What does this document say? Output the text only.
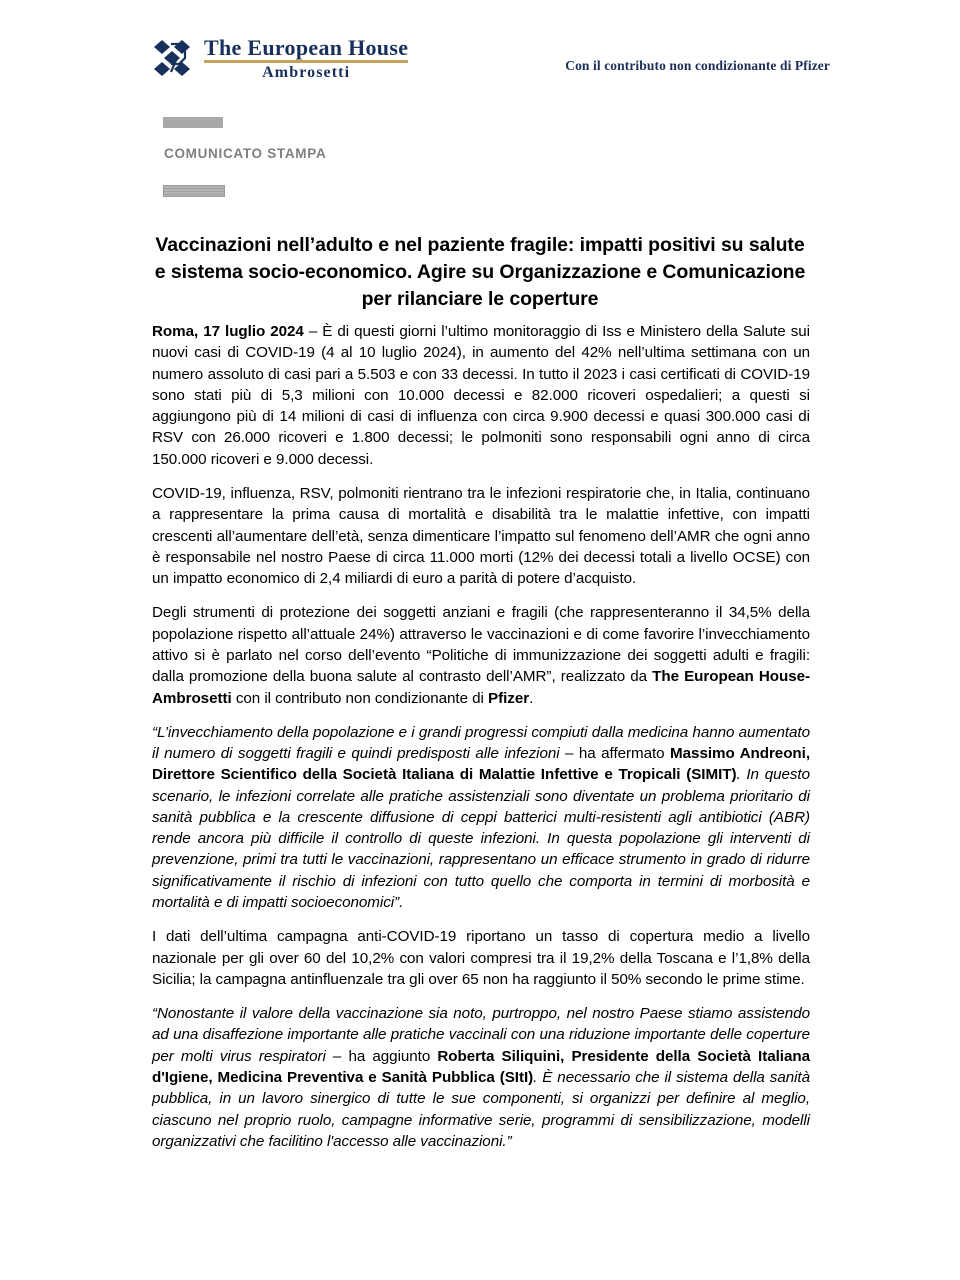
The European House
Ambrosetti	Con il contributo non condizionante di Pfizer
COMUNICATO STAMPA
Vaccinazioni nell’adulto e nel paziente fragile: impatti positivi su salute e sistema socio-economico. Agire su Organizzazione e Comunicazione per rilanciare le coperture

Roma, 17 luglio 2024 – È di questi giorni l’ultimo monitoraggio di Iss e Ministero della Salute sui nuovi casi di COVID-19 (4 al 10 luglio 2024), in aumento del 42% nell’ultima settimana con un numero assoluto di casi pari a 5.503 e con 33 decessi. In tutto il 2023 i casi certificati di COVID-19 sono stati più di 5,3 milioni con 10.000 decessi e 82.000 ricoveri ospedalieri; a questi si aggiungono più di 14 milioni di casi di influenza con circa 9.900 decessi e quasi 300.000 casi di RSV con 26.000 ricoveri e 1.800 decessi; le polmoniti sono responsabili ogni anno di circa 150.000 ricoveri e 9.000 decessi.

COVID-19, influenza, RSV, polmoniti rientrano tra le infezioni respiratorie che, in Italia, continuano a rappresentare la prima causa di mortalità e disabilità tra le malattie infettive, con impatti crescenti all’aumentare dell’età, senza dimenticare l’impatto sul fenomeno dell’AMR che ogni anno è responsabile nel nostro Paese di circa 11.000 morti (12% dei decessi totali a livello OCSE) con un impatto economico di 2,4 miliardi di euro a parità di potere d’acquisto.

Degli strumenti di protezione dei soggetti anziani e fragili (che rappresenteranno il 34,5% della popolazione rispetto all’attuale 24%) attraverso le vaccinazioni e di come favorire l’invecchiamento attivo si è parlato nel corso dell’evento “Politiche di immunizzazione dei soggetti adulti e fragili: dalla promozione della buona salute al contrasto dell’AMR”, realizzato da The European House-Ambrosetti con il contributo non condizionante di Pfizer.

“L’invecchiamento della popolazione e i grandi progressi compiuti dalla medicina hanno aumentato il numero di soggetti fragili e quindi predisposti alle infezioni – ha affermato Massimo Andreoni, Direttore Scientifico della Società Italiana di Malattie Infettive e Tropicali (SIMIT). In questo scenario, le infezioni correlate alle pratiche assistenziali sono diventate un problema prioritario di sanità pubblica e la crescente diffusione di ceppi batterici multi-resistenti agli antibiotici (ABR) rende ancora più difficile il controllo di queste infezioni. In questa popolazione gli interventi di prevenzione, primi tra tutti le vaccinazioni, rappresentano un efficace strumento in grado di ridurre significativamente il rischio di infezioni con tutto quello che comporta in termini di morbosità e mortalità e di impatti socioeconomici”.

I dati dell’ultima campagna anti-COVID-19 riportano un tasso di copertura medio a livello nazionale per gli over 60 del 10,2% con valori compresi tra il 19,2% della Toscana e l’1,8% della Sicilia; la campagna antinfluenzale tra gli over 65 non ha raggiunto il 50% secondo le prime stime.

“Nonostante il valore della vaccinazione sia noto, purtroppo, nel nostro Paese stiamo assistendo ad una disaffezione importante alle pratiche vaccinali con una riduzione importante delle coperture per molti virus respiratori – ha aggiunto Roberta Siliquini, Presidente della Società Italiana d'Igiene, Medicina Preventiva e Sanità Pubblica (SItI). È necessario che il sistema della sanità pubblica, in un lavoro sinergico di tutte le sue componenti, si organizzi per definire al meglio, ciascuno nel proprio ruolo, campagne informative serie, programmi di sensibilizzazione, modelli organizzativi che facilitino l'accesso alle vaccinazioni.”
